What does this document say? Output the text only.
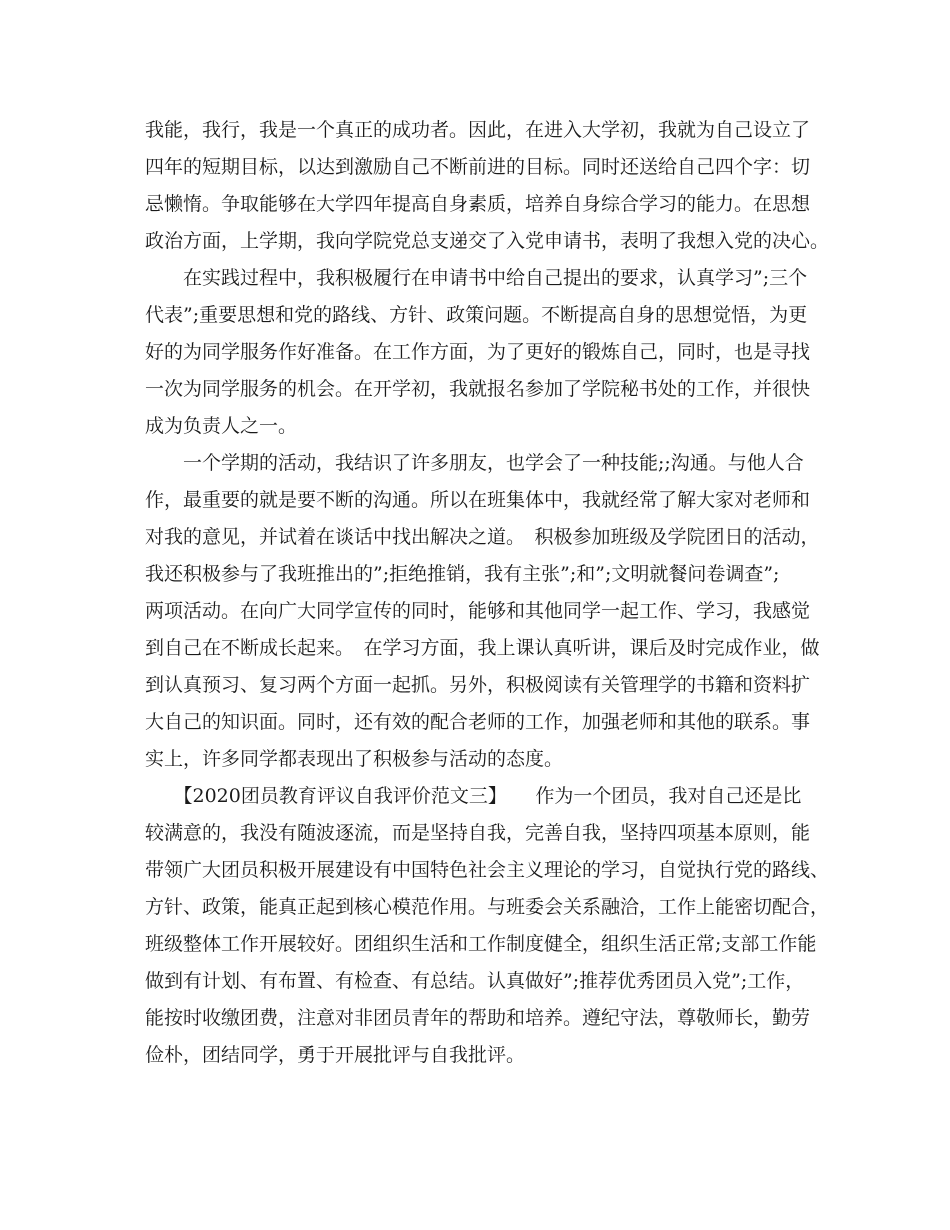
我能，我行，我是一个真正的成功者。因此，在进入大学初，我就为自己设立了
四年的短期目标，以达到激励自己不断前进的目标。同时还送给自己四个字：切
忌懒惰。争取能够在大学四年提高自身素质，培养自身综合学习的能力。在思想
政治方面，上学期，我向学院党总支递交了入党申请书，表明了我想入党的决心。
　　在实践过程中，我积极履行在申请书中给自己提出的要求，认真学习”;三个
代表”;重要思想和党的路线、方针、政策问题。不断提高自身的思想觉悟，为更
好的为同学服务作好准备。在工作方面，为了更好的锻炼自己，同时，也是寻找
一次为同学服务的机会。在开学初，我就报名参加了学院秘书处的工作，并很快
成为负责人之一。
　　一个学期的活动，我结识了许多朋友，也学会了一种技能;;沟通。与他人合
作，最重要的就是要不断的沟通。所以在班集体中，我就经常了解大家对老师和
对我的意见，并试着在谈话中找出解决之道。　积极参加班级及学院团日的活动，
我还积极参与了我班推出的”;拒绝推销，我有主张”;和”;文明就餐问卷调查”;
两项活动。在向广大同学宣传的同时，能够和其他同学一起工作、学习，我感觉
到自己在不断成长起来。　在学习方面，我上课认真听讲，课后及时完成作业，做
到认真预习、复习两个方面一起抓。另外，积极阅读有关管理学的书籍和资料扩
大自己的知识面。同时，还有效的配合老师的工作，加强老师和其他的联系。事
实上，许多同学都表现出了积极参与活动的态度。
　　【2020团员教育评议自我评价范文三】　　作为一个团员，我对自己还是比
较满意的，我没有随波逐流，而是坚持自我，完善自我，坚持四项基本原则，能
带领广大团员积极开展建设有中国特色社会主义理论的学习，自觉执行党的路线、
方针、政策，能真正起到核心模范作用。与班委会关系融洽，工作上能密切配合，
班级整体工作开展较好。团组织生活和工作制度健全，组织生活正常;支部工作能
做到有计划、有布置、有检查、有总结。认真做好”;推荐优秀团员入党”;工作，
能按时收缴团费，注意对非团员青年的帮助和培养。遵纪守法，尊敬师长，勤劳
俭朴，团结同学，勇于开展批评与自我批评。
